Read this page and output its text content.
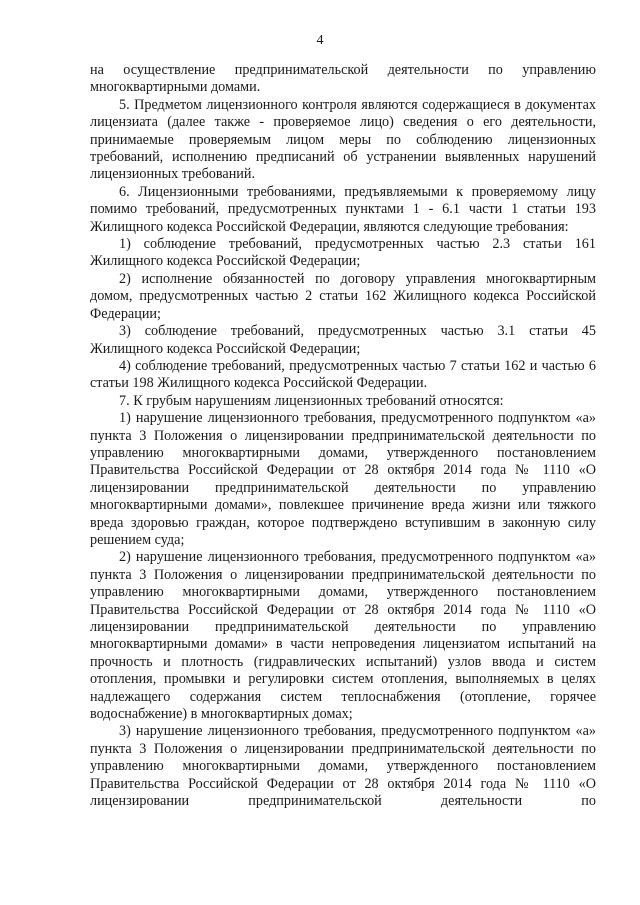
4

на осуществление предпринимательской деятельности по управлению многоквартирными домами.

5. Предметом лицензионного контроля являются содержащиеся в документах лицензиата (далее также - проверяемое лицо) сведения о его деятельности, принимаемые проверяемым лицом меры по соблюдению лицензионных требований, исполнению предписаний об устранении выявленных нарушений лицензионных требований.

6. Лицензионными требованиями, предъявляемыми к проверяемому лицу помимо требований, предусмотренных пунктами 1 - 6.1 части 1 статьи 193 Жилищного кодекса Российской Федерации, являются следующие требования:

1) соблюдение требований, предусмотренных частью 2.3 статьи 161 Жилищного кодекса Российской Федерации;

2) исполнение обязанностей по договору управления многоквартирным домом, предусмотренных частью 2 статьи 162 Жилищного кодекса Российской Федерации;

3) соблюдение требований, предусмотренных частью 3.1 статьи 45 Жилищного кодекса Российской Федерации;

4) соблюдение требований, предусмотренных частью 7 статьи 162 и частью 6 статьи 198 Жилищного кодекса Российской Федерации.

7. К грубым нарушениям лицензионных требований относятся:

1) нарушение лицензионного требования, предусмотренного подпунктом «а» пункта 3 Положения о лицензировании предпринимательской деятельности по управлению многоквартирными домами, утвержденного постановлением Правительства Российской Федерации от 28 октября 2014 года № 1110 «О лицензировании предпринимательской деятельности по управлению многоквартирными домами», повлекшее причинение вреда жизни или тяжкого вреда здоровью граждан, которое подтверждено вступившим в законную силу решением суда;

2) нарушение лицензионного требования, предусмотренного подпунктом «а» пункта 3 Положения о лицензировании предпринимательской деятельности по управлению многоквартирными домами, утвержденного постановлением Правительства Российской Федерации от 28 октября 2014 года № 1110 «О лицензировании предпринимательской деятельности по управлению многоквартирными домами» в части непроведения лицензиатом испытаний на прочность и плотность (гидравлических испытаний) узлов ввода и систем отопления, промывки и регулировки систем отопления, выполняемых в целях надлежащего содержания систем теплоснабжения (отопление, горячее водоснабжение) в многоквартирных домах;

3) нарушение лицензионного требования, предусмотренного подпунктом «а» пункта 3 Положения о лицензировании предпринимательской деятельности по управлению многоквартирными домами, утвержденного постановлением Правительства Российской Федерации от 28 октября 2014 года № 1110 «О лицензировании предпринимательской деятельности по
